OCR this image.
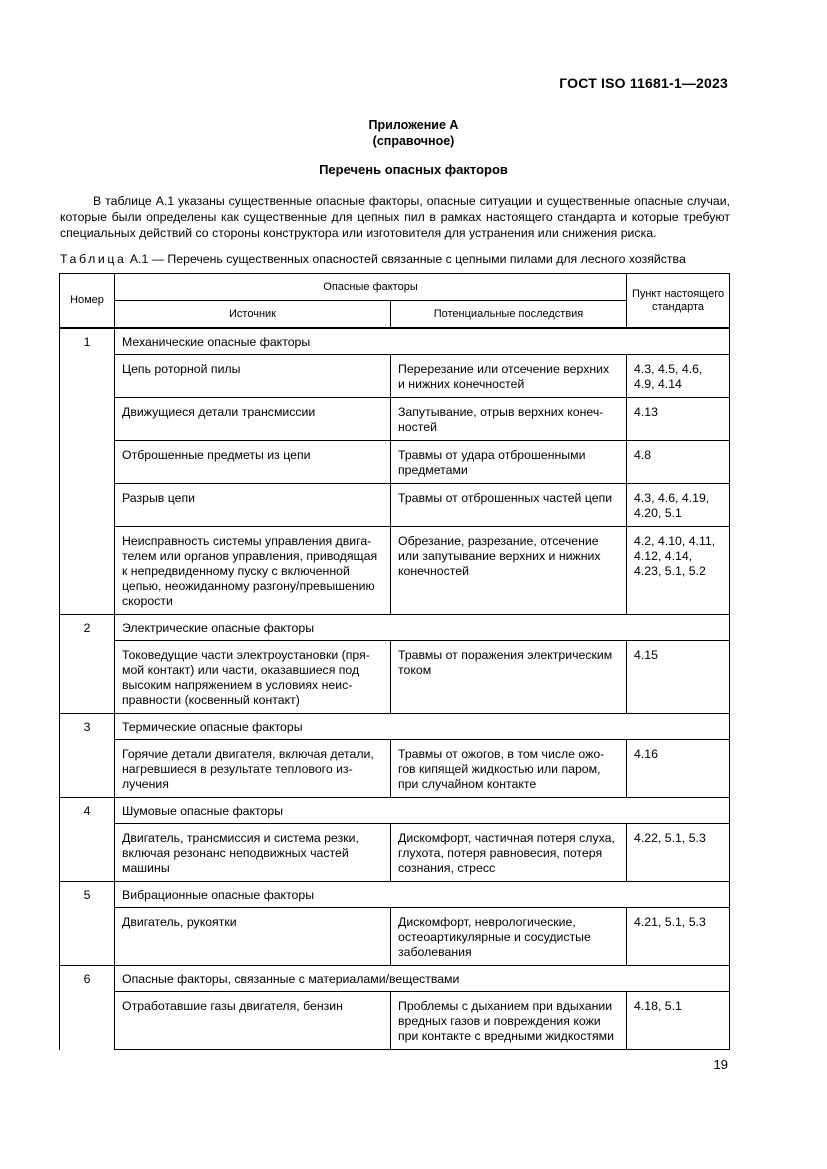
ГОСТ ISO 11681-1—2023
Приложение А
(справочное)
Перечень опасных факторов

В таблице А.1 указаны существенные опасные факторы, опасные ситуации и существенные опасные случаи, которые были определены как существенные для цепных пил в рамках настоящего стандарта и которые требуют специальных действий со стороны конструктора или изготовителя для устранения или снижения риска.

Таблица А.1 — Перечень существенных опасностей связанные с цепными пилами для лесного хозяйства
Номер	Опасные факторы		Пункт настоящего стандарта
	Источник	Потенциальные последствия	
1	Механические опасные факторы		
	Цепь роторной пилы	Перерезание или отсечение верхних и нижних конечностей	4.3, 4.5, 4.6, 4.9, 4.14
	Движущиеся детали трансмиссии	Запутывание, отрыв верхних конеч-ностей	4.13
	Отброшенные предметы из цепи	Травмы от удара отброшенными предметами	4.8
	Разрыв цепи	Травмы от отброшенных частей цепи	4.3, 4.6, 4.19, 4.20, 5.1
	Неисправность системы управления двига-телем или органов управления, приводящая к непредвиденному пуску с включенной цепью, неожиданному разгону/превышению скорости	Обрезание, разрезание, отсечение или запутывание верхних и нижних конечностей	4.2, 4.10, 4.11, 4.12, 4.14, 4.23, 5.1, 5.2
2	Электрические опасные факторы		
	Токоведущие части электроустановки (пря-мой контакт) или части, оказавшиеся под высоким напряжением в условиях неис-правности (косвенный контакт)	Травмы от поражения электрическим током	4.15
3	Термические опасные факторы		
	Горячие детали двигателя, включая детали, нагревшиеся в результате теплового из-лучения	Травмы от ожогов, в том числе ожо-гов кипящей жидкостью или паром, при случайном контакте	4.16
4	Шумовые опасные факторы		
	Двигатель, трансмиссия и система резки, включая резонанс неподвижных частей машины	Дискомфорт, частичная потеря слуха, глухота, потеря равновесия, потеря сознания, стресс	4.22, 5.1, 5.3
5	Вибрационные опасные факторы		
	Двигатель, рукоятки	Дискомфорт, неврологические, остеоартикулярные и сосудистые заболевания	4.21, 5.1, 5.3
6	Опасные факторы, связанные с материалами/веществами		
	Отработавшие газы двигателя, бензин	Проблемы с дыханием при вдыхании вредных газов и повреждения кожи при контакте с вредными жидкостями	4.18, 5.1
19
